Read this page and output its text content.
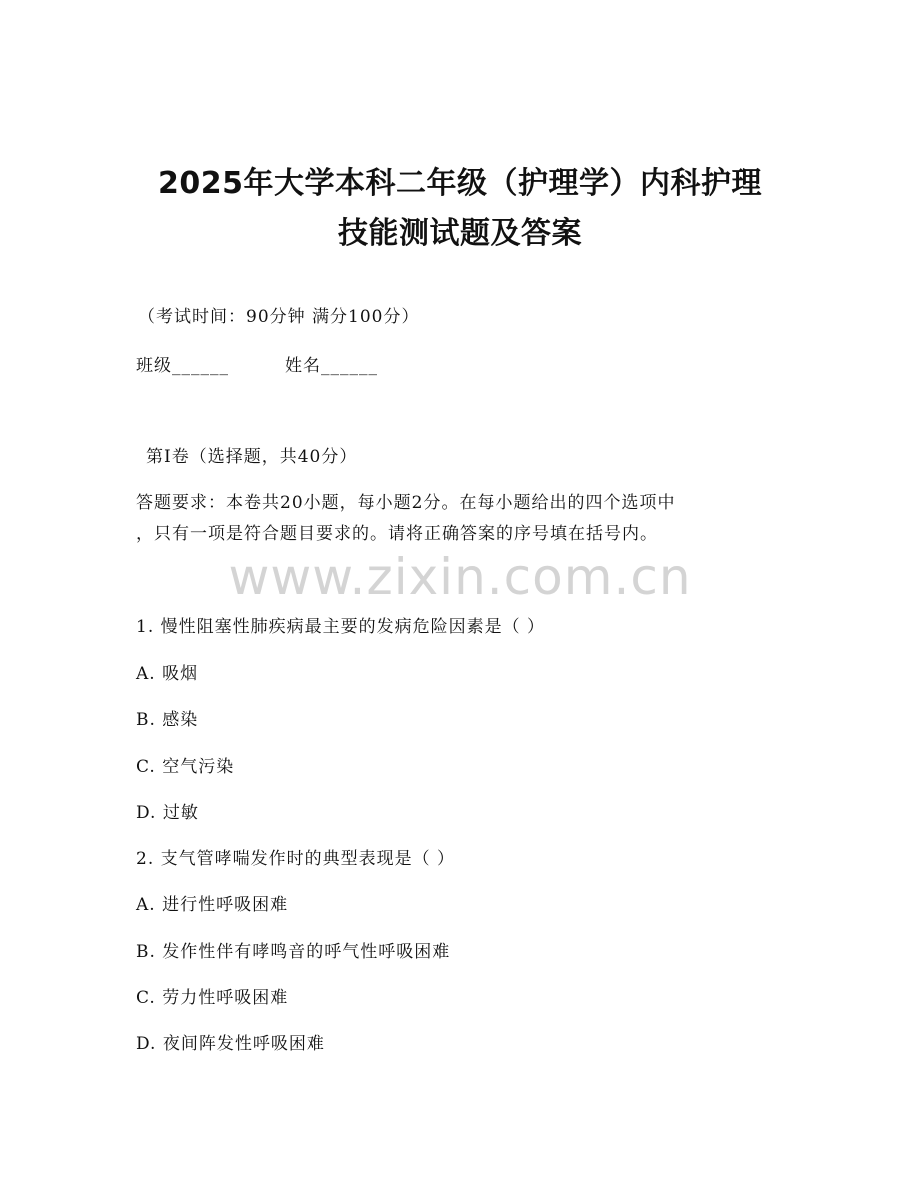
2025年大学本科二年级（护理学）内科护理
技能测试题及答案
（考试时间：90分钟 满分100分）
班级______	姓名______
第Ⅰ卷（选择题，共40分）
答题要求：本卷共20小题，每小题2分。在每小题给出的四个选项中
，只有一项是符合题目要求的。请将正确答案的序号填在括号内。
www.zixin.com.cn
1. 慢性阻塞性肺疾病最主要的发病危险因素是（ ）
A. 吸烟
B. 感染
C. 空气污染
D. 过敏
2. 支气管哮喘发作时的典型表现是（ ）
A. 进行性呼吸困难
B. 发作性伴有哮鸣音的呼气性呼吸困难
C. 劳力性呼吸困难
D. 夜间阵发性呼吸困难
